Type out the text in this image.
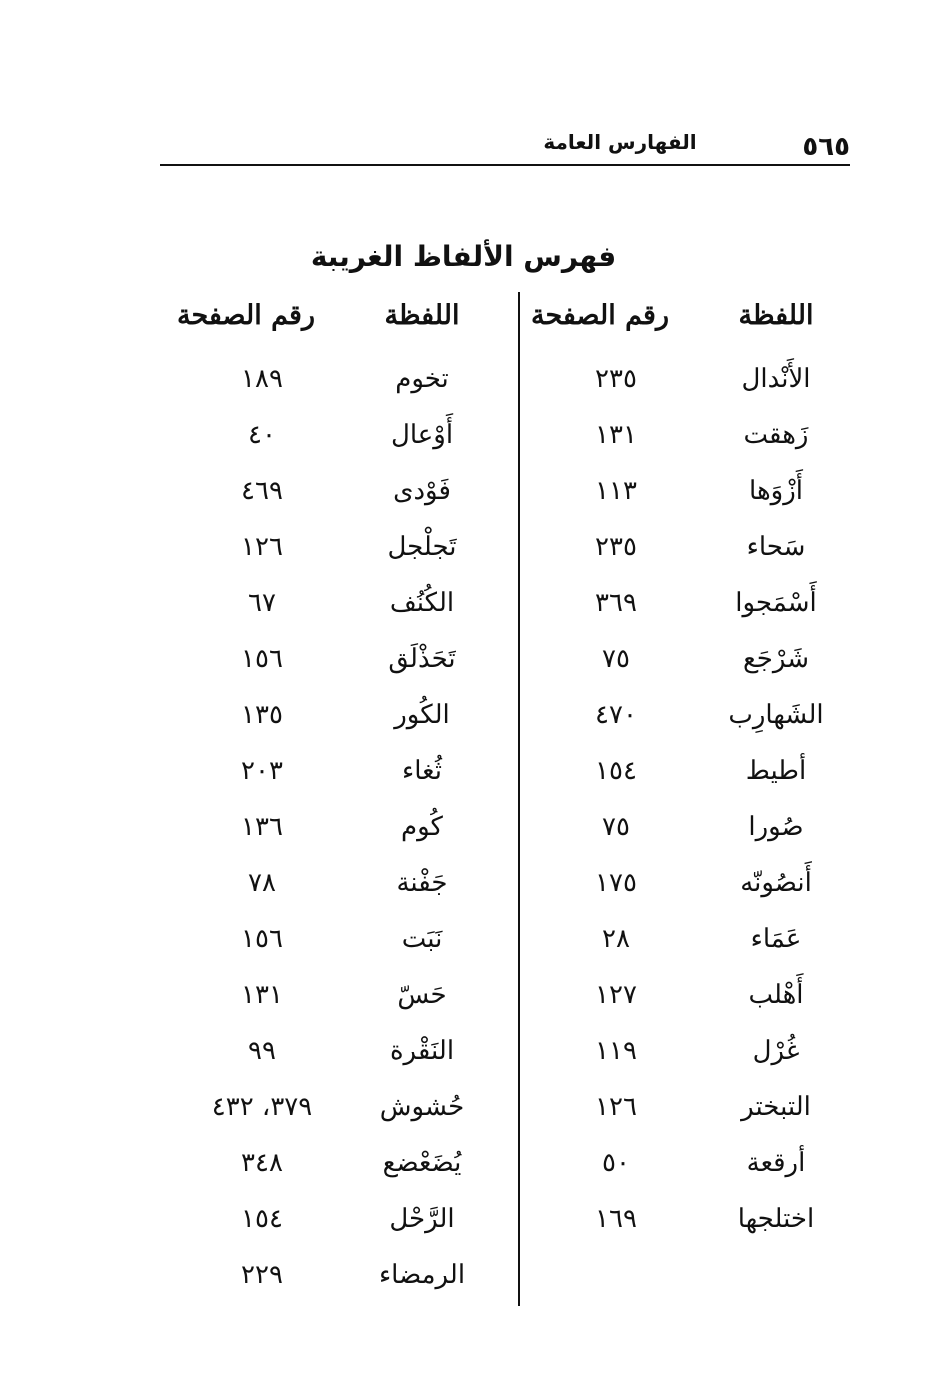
٥٦٥
الفهارس العامة
فهرس الألفاظ الغريبة
اللفظة
رقم الصفحة
اللفظة
رقم الصفحة
الأَنْدال
٢٣٥
زَهقت
١٣١
أَزْوَها
١١٣
سَحاء
٢٣٥
أَسْمَجوا
٣٦٩
شَرْجَع
٧٥
الشَهارِب
٤٧٠
أطيط
١٥٤
صُورا
٧٥
أَنصُونّه
١٧٥
عَمَاء
٢٨
أَهْلب
١٢٧
غُرْل
١١٩
التبختر
١٢٦
أرقعة
٥٠
اختلجها
١٦٩
تخوم
١٨٩
أَوْعال
٤٠
فَوْدى
٤٦٩
تَجلْجل
١٢٦
الكُنُف
٦٧
تَحَذْلَق
١٥٦
الكُور
١٣٥
ثُغاء
٢٠٣
كُوم
١٣٦
جَفْنة
٧٨
نَبَت
١٥٦
حَسّ
١٣١
النَقْرة
٩٩
حُشوش
٣٧٩، ٤٣٢
يُضَعْضع
٣٤٨
الرَّحْل
١٥٤
الرمضاء
٢٢٩
